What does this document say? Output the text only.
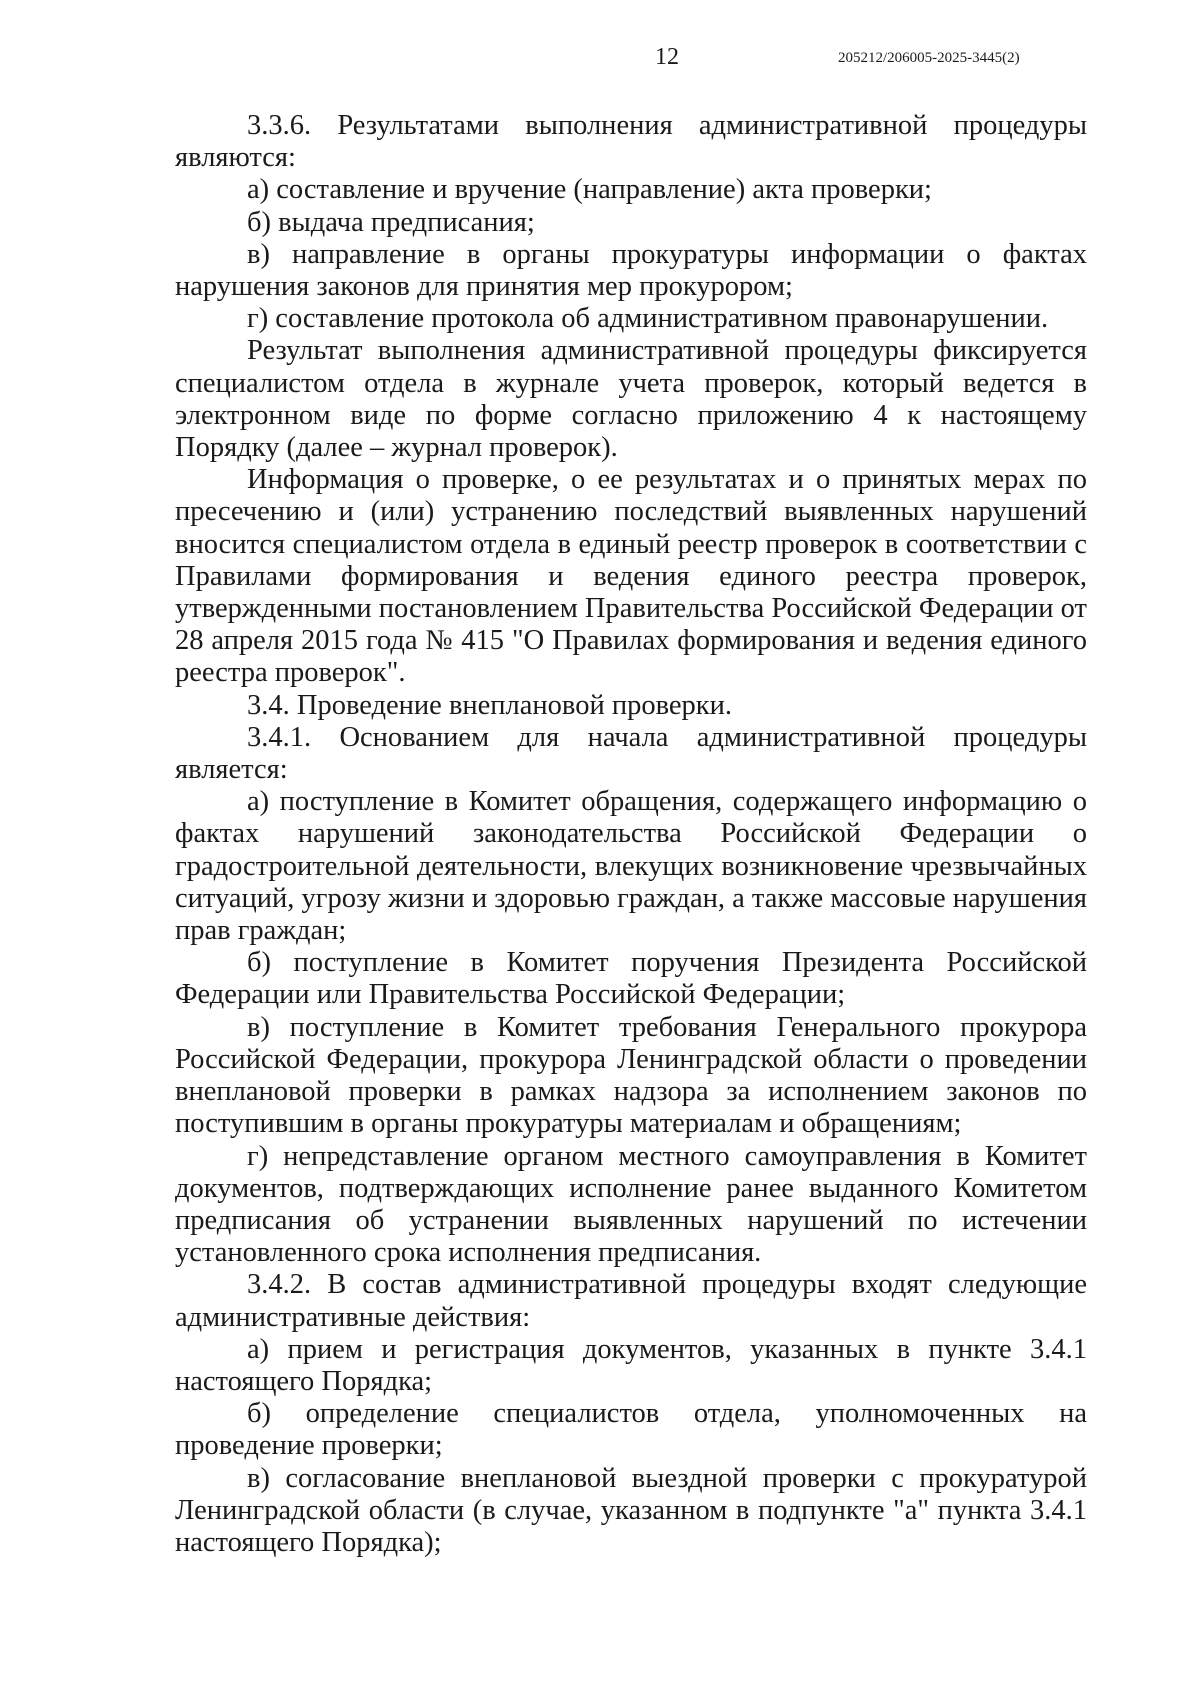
12	205212/206005-2025-3445(2)

3.3.6. Результатами выполнения административной процедуры являются:

а) составление и вручение (направление) акта проверки;

б) выдача предписания;

в) направление в органы прокуратуры информации о фактах нарушения законов для принятия мер прокурором;

г) составление протокола об административном правонарушении.

Результат выполнения административной процедуры фиксируется специалистом отдела в журнале учета проверок, который ведется в электронном виде по форме согласно приложению 4 к настоящему Порядку (далее – журнал проверок).

Информация о проверке, о ее результатах и о принятых мерах по пресечению и (или) устранению последствий выявленных нарушений вносится специалистом отдела в единый реестр проверок в соответствии с Правилами формирования и ведения единого реестра проверок, утвержденными постановлением Правительства Российской Федерации от 28 апреля 2015 года № 415 "О Правилах формирования и ведения единого реестра проверок".

3.4. Проведение внеплановой проверки.

3.4.1. Основанием для начала административной процедуры является:

а) поступление в Комитет обращения, содержащего информацию о фактах нарушений законодательства Российской Федерации о градостроительной деятельности, влекущих возникновение чрезвычайных ситуаций, угрозу жизни и здоровью граждан, а также массовые нарушения прав граждан;

б) поступление в Комитет поручения Президента Российской Федерации или Правительства Российской Федерации;

в) поступление в Комитет требования Генерального прокурора Российской Федерации, прокурора Ленинградской области о проведении внеплановой проверки в рамках надзора за исполнением законов по поступившим в органы прокуратуры материалам и обращениям;

г) непредставление органом местного самоуправления в Комитет документов, подтверждающих исполнение ранее выданного Комитетом предписания об устранении выявленных нарушений по истечении установленного срока исполнения предписания.

3.4.2. В состав административной процедуры входят следующие административные действия:

а) прием и регистрация документов, указанных в пункте 3.4.1 настоящего Порядка;

б) определение специалистов отдела, уполномоченных на проведение проверки;

в) согласование внеплановой выездной проверки с прокуратурой Ленинградской области (в случае, указанном в подпункте "а" пункта 3.4.1 настоящего Порядка);
